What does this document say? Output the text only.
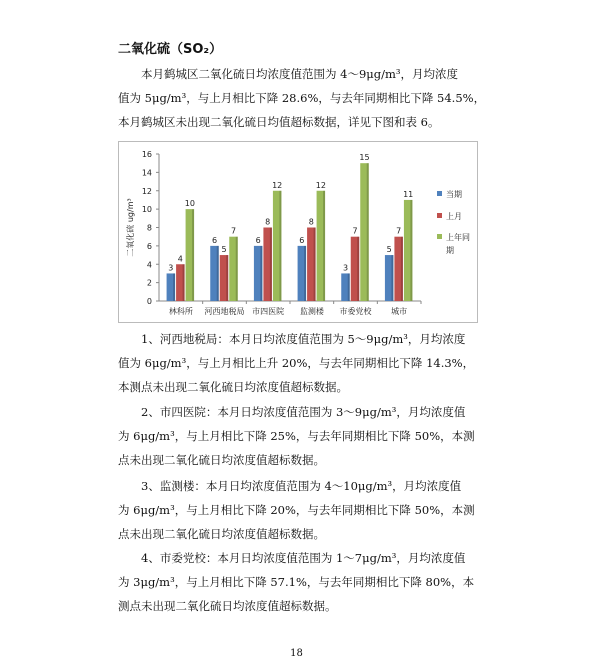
二氧化硫（SO₂）
本月鹤城区二氧化硫日均浓度值范围为 4～9μg/m³，月均浓度
值为 5μg/m³，与上月相比下降 28.6%，与去年同期相比下降 54.5%，
本月鹤城区未出现二氧化硫日均值超标数据，详见下图和表 6。
0
2
4
6
8
10
12
14
16
二氧化硫 ug/m³
3
4
10
林科所
6
5
7
河西地税局
6
8
12
市四医院
6
8
12
监测楼
3
7
15
市委党校
5
7
11
城市
当期
上月
上年同
期
1、河西地税局：本月日均浓度值范围为 5～9μg/m³，月均浓度
值为 6μg/m³，与上月相比上升 20%，与去年同期相比下降 14.3%，
本测点未出现二氧化硫日均浓度值超标数据。
2、市四医院：本月日均浓度值范围为 3～9μg/m³，月均浓度值
为 6μg/m³，与上月相比下降 25%，与去年同期相比下降 50%，本测
点未出现二氧化硫日均浓度值超标数据。
3、监测楼：本月日均浓度值范围为 4～10μg/m³，月均浓度值
为 6μg/m³，与上月相比下降 20%，与去年同期相比下降 50%，本测
点未出现二氧化硫日均浓度值超标数据。
4、市委党校：本月日均浓度值范围为 1～7μg/m³，月均浓度值
为 3μg/m³，与上月相比下降 57.1%，与去年同期相比下降 80%，本
测点未出现二氧化硫日均浓度值超标数据。
18
